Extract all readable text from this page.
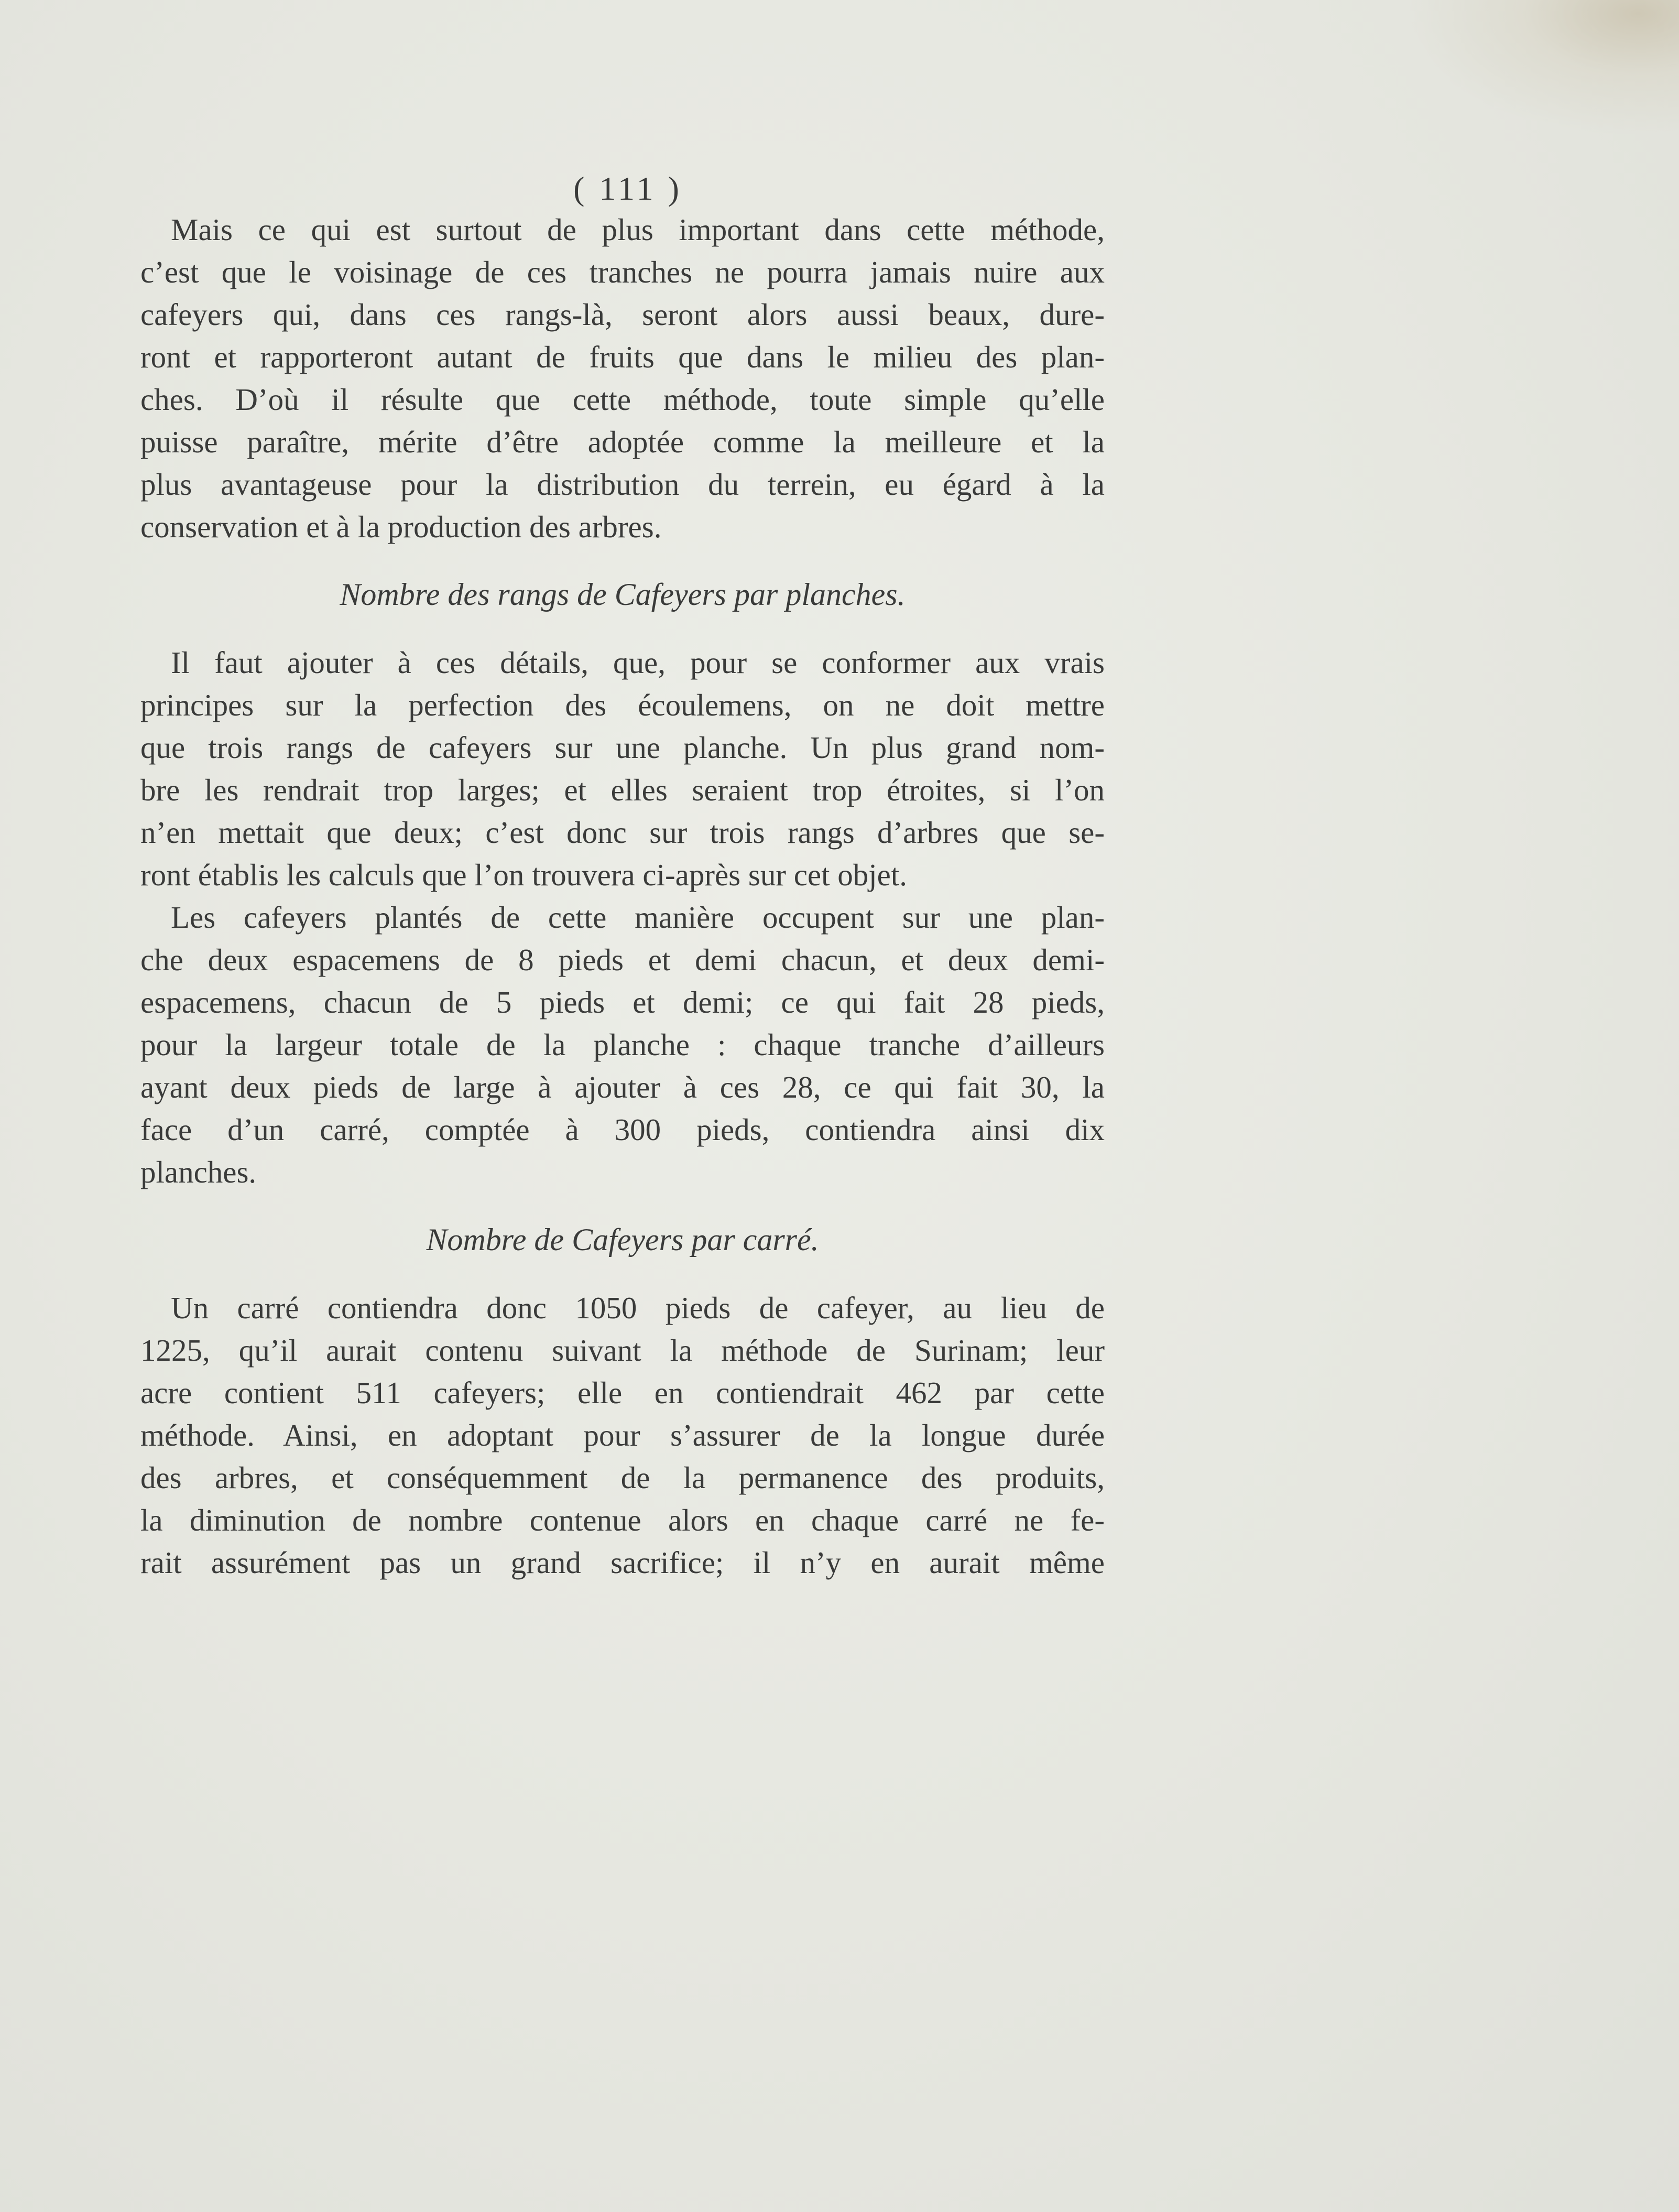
( 111 )
Mais ce qui est surtout de plus important dans cette méthode,
c’est que le voisinage de ces tranches ne pourra jamais nuire aux
cafeyers qui, dans ces rangs-là, seront alors aussi beaux, dure-
ront et rapporteront autant de fruits que dans le milieu des plan-
ches. D’où il résulte que cette méthode, toute simple qu’elle
puisse paraître, mérite d’être adoptée comme la meilleure et la
plus avantageuse pour la distribution du terrein, eu égard à la
conservation et à la production des arbres.
Nombre des rangs de Cafeyers par planches.
Il faut ajouter à ces détails, que, pour se conformer aux vrais
principes sur la perfection des écoulemens, on ne doit mettre
que trois rangs de cafeyers sur une planche. Un plus grand nom-
bre les rendrait trop larges; et elles seraient trop étroites, si l’on
n’en mettait que deux; c’est donc sur trois rangs d’arbres que se-
ront établis les calculs que l’on trouvera ci-après sur cet objet.
Les cafeyers plantés de cette manière occupent sur une plan-
che deux espacemens de 8 pieds et demi chacun, et deux demi-
espacemens, chacun de 5 pieds et demi; ce qui fait 28 pieds,
pour la largeur totale de la planche : chaque tranche d’ailleurs
ayant deux pieds de large à ajouter à ces 28, ce qui fait 30, la
face d’un carré, comptée à 300 pieds, contiendra ainsi dix
planches.
Nombre de Cafeyers par carré.
Un carré contiendra donc 1050 pieds de cafeyer, au lieu de
1225, qu’il aurait contenu suivant la méthode de Surinam; leur
acre contient 511 cafeyers; elle en contiendrait 462 par cette
méthode. Ainsi, en adoptant pour s’assurer de la longue durée
des arbres, et conséquemment de la permanence des produits,
la diminution de nombre contenue alors en chaque carré ne fe-
rait assurément pas un grand sacrifice; il n’y en aurait même
